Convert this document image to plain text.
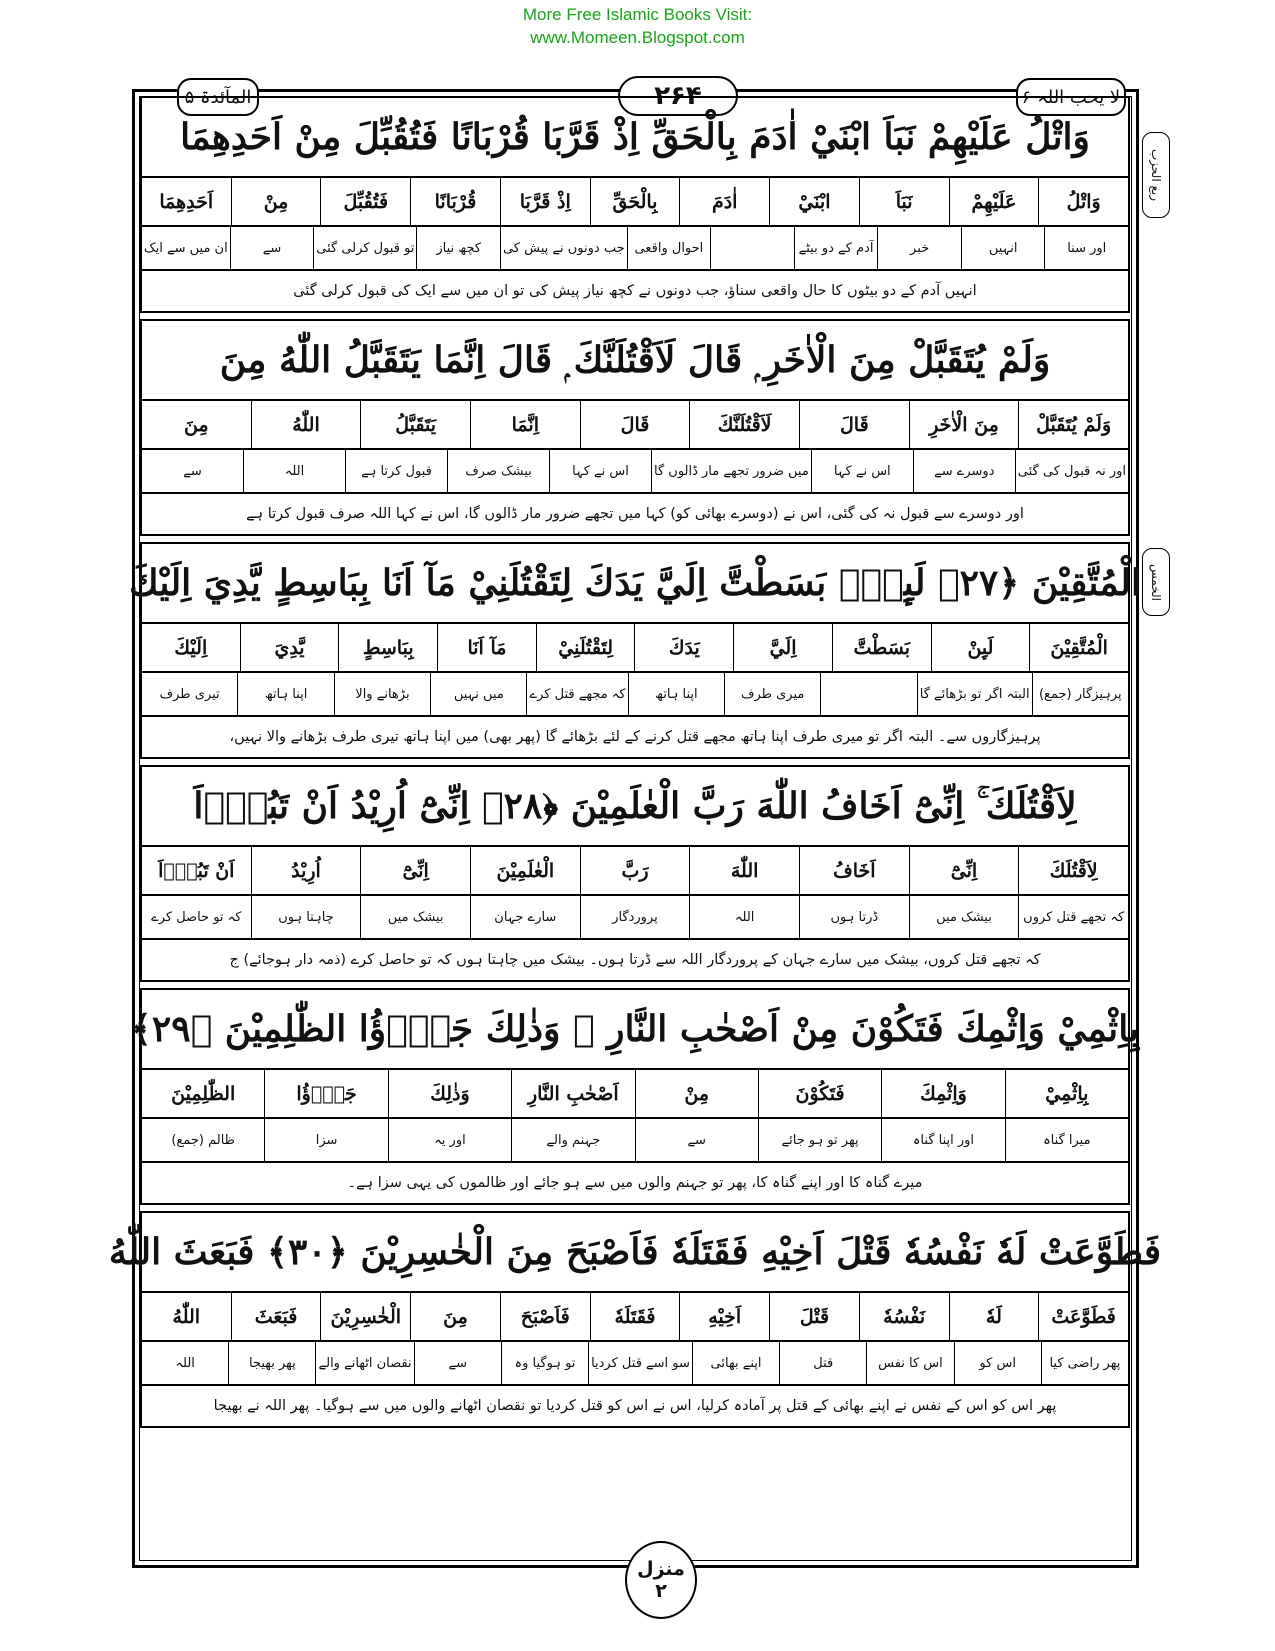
More Free Islamic Books Visit:
www.Momeen.Blogspot.com
المآئدۃ ۵	۲۶۴	لا یحب اللہ ۶
ربع الحزب
الخمس
وَاتْلُ عَلَيْهِمْ نَبَاَ ابْنَيْ اٰدَمَ بِالْحَقِّ اِذْ قَرَّبَا قُرْبَانًا فَتُقُبِّلَ مِنْ اَحَدِهِمَا
وَاتْلُ
عَلَيْهِمْ
نَبَاَ
ابْنَيْ
اٰدَمَ
بِالْحَقِّ
اِذْ قَرَّبَا
قُرْبَانًا
فَتُقُبِّلَ
مِنْ
اَحَدِهِمَا
اور سنا
انہیں
خبر
آدم کے دو بیٹے
احوال واقعی
جب دونوں نے پیش کی
کچھ نیاز
تو قبول کرلی گئی
سے
ان میں سے ایک
انہیں آدم کے دو بیٹوں کا حال واقعی سناؤ، جب دونوں نے کچھ نیاز پیش کی تو ان میں سے ایک کی قبول کرلی گئی
وَلَمْ يُتَقَبَّلْ مِنَ الْاٰخَرِ ۭ قَالَ لَاَقْتُلَنَّكَ ۭ قَالَ اِنَّمَا يَتَقَبَّلُ اللّٰهُ مِنَ
وَلَمْ يُتَقَبَّلْ
مِنَ الْاٰخَرِ
قَالَ
لَاَقْتُلَنَّكَ
قَالَ
اِنَّمَا
يَتَقَبَّلُ
اللّٰهُ
مِنَ
اور نہ قبول کی گئی
دوسرے سے
اس نے کہا
میں ضرور تجھے مار ڈالوں گا
اس نے کہا
بیشک صرف
قبول کرتا ہے
اللہ
سے
اور دوسرے سے قبول نہ کی گئی، اس نے (دوسرے بھائی کو) کہا میں تجھے ضرور مار ڈالوں گا، اس نے کہا اللہ صرف قبول کرتا ہے
الْمُتَّقِيْنَ ﴿۲۷﴾ لَىِٕنْۢ بَسَطْتَّ اِلَيَّ يَدَكَ لِتَقْتُلَنِيْ مَآ اَنَا بِبَاسِطٍ يَّدِيَ اِلَيْكَ
الْمُتَّقِيْنَ
لَىِٕنْ
بَسَطْتَّ
اِلَيَّ
يَدَكَ
لِتَقْتُلَنِيْ
مَآ اَنَا
بِبَاسِطٍ
يَّدِيَ
اِلَيْكَ
پرہیزگار (جمع)
البتہ اگر تو بڑھائے گا
میری طرف
اپنا ہاتھ
کہ مجھے قتل کرے
میں نہیں
بڑھانے والا
اپنا ہاتھ
تیری طرف
پرہیزگاروں سے۔ البتہ اگر تو میری طرف اپنا ہاتھ مجھے قتل کرنے کے لئے بڑھائے گا (پھر بھی) میں اپنا ہاتھ تیری طرف بڑھانے والا نہیں،
لِاَقْتُلَكَ ۚ اِنِّىْٓ اَخَافُ اللّٰهَ رَبَّ الْعٰلَمِيْنَ ﴿۲۸﴾ اِنِّىْٓ اُرِيْدُ اَنْ تَبُوْۗاَ
لِاَقْتُلَكَ
اِنِّىْٓ
اَخَافُ
اللّٰهَ
رَبَّ
الْعٰلَمِيْنَ
اِنِّىْٓ
اُرِيْدُ
اَنْ تَبُوْۗاَ
کہ تجھے قتل کروں
بیشک میں
ڈرتا ہوں
اللہ
پروردگار
سارے جہان
بیشک میں
چاہتا ہوں
کہ تو حاصل کرے
کہ تجھے قتل کروں، بیشک میں سارے جہان کے پروردگار اللہ سے ڈرتا ہوں۔ بیشک میں چاہتا ہوں کہ تو حاصل کرے (ذمہ دار ہوجائے) ج
بِاِثْمِيْ وَاِثْمِكَ فَتَكُوْنَ مِنْ اَصْحٰبِ النَّارِ ۚ وَذٰلِكَ جَزٰۗؤُا الظّٰلِمِيْنَ ﴿۲۹﴾
بِاِثْمِيْ
وَاِثْمِكَ
فَتَكُوْنَ
مِنْ
اَصْحٰبِ النَّارِ
وَذٰلِكَ
جَزٰۗؤُا
الظّٰلِمِيْنَ
میرا گناہ
اور اپنا گناہ
پھر تو ہو جائے
سے
جہنم والے
اور یہ
سزا
ظالم (جمع)
میرے گناہ کا اور اپنے گناہ کا، پھر تو جہنم والوں میں سے ہو جائے اور ظالموں کی یہی سزا ہے۔
فَطَوَّعَتْ لَهٗ نَفْسُهٗ قَتْلَ اَخِيْهِ فَقَتَلَهٗ فَاَصْبَحَ مِنَ الْخٰسِرِيْنَ ﴿۳۰﴾ فَبَعَثَ اللّٰهُ
فَطَوَّعَتْ
لَهٗ
نَفْسُهٗ
قَتْلَ
اَخِيْهِ
فَقَتَلَهٗ
فَاَصْبَحَ
مِنَ
الْخٰسِرِيْنَ
فَبَعَثَ
اللّٰهُ
پھر راضی کیا
اس کو
اس کا نفس
قتل
اپنے بھائی
سو اسے قتل کردیا
تو ہوگیا وہ
سے
نقصان اٹھانے والے
پھر بھیجا
اللہ
پھر اس کو اس کے نفس نے اپنے بھائی کے قتل پر آمادہ کرلیا، اس نے اس کو قتل کردیا تو نقصان اٹھانے والوں میں سے ہوگیا۔ پھر اللہ نے بھیجا
منزل
۲
